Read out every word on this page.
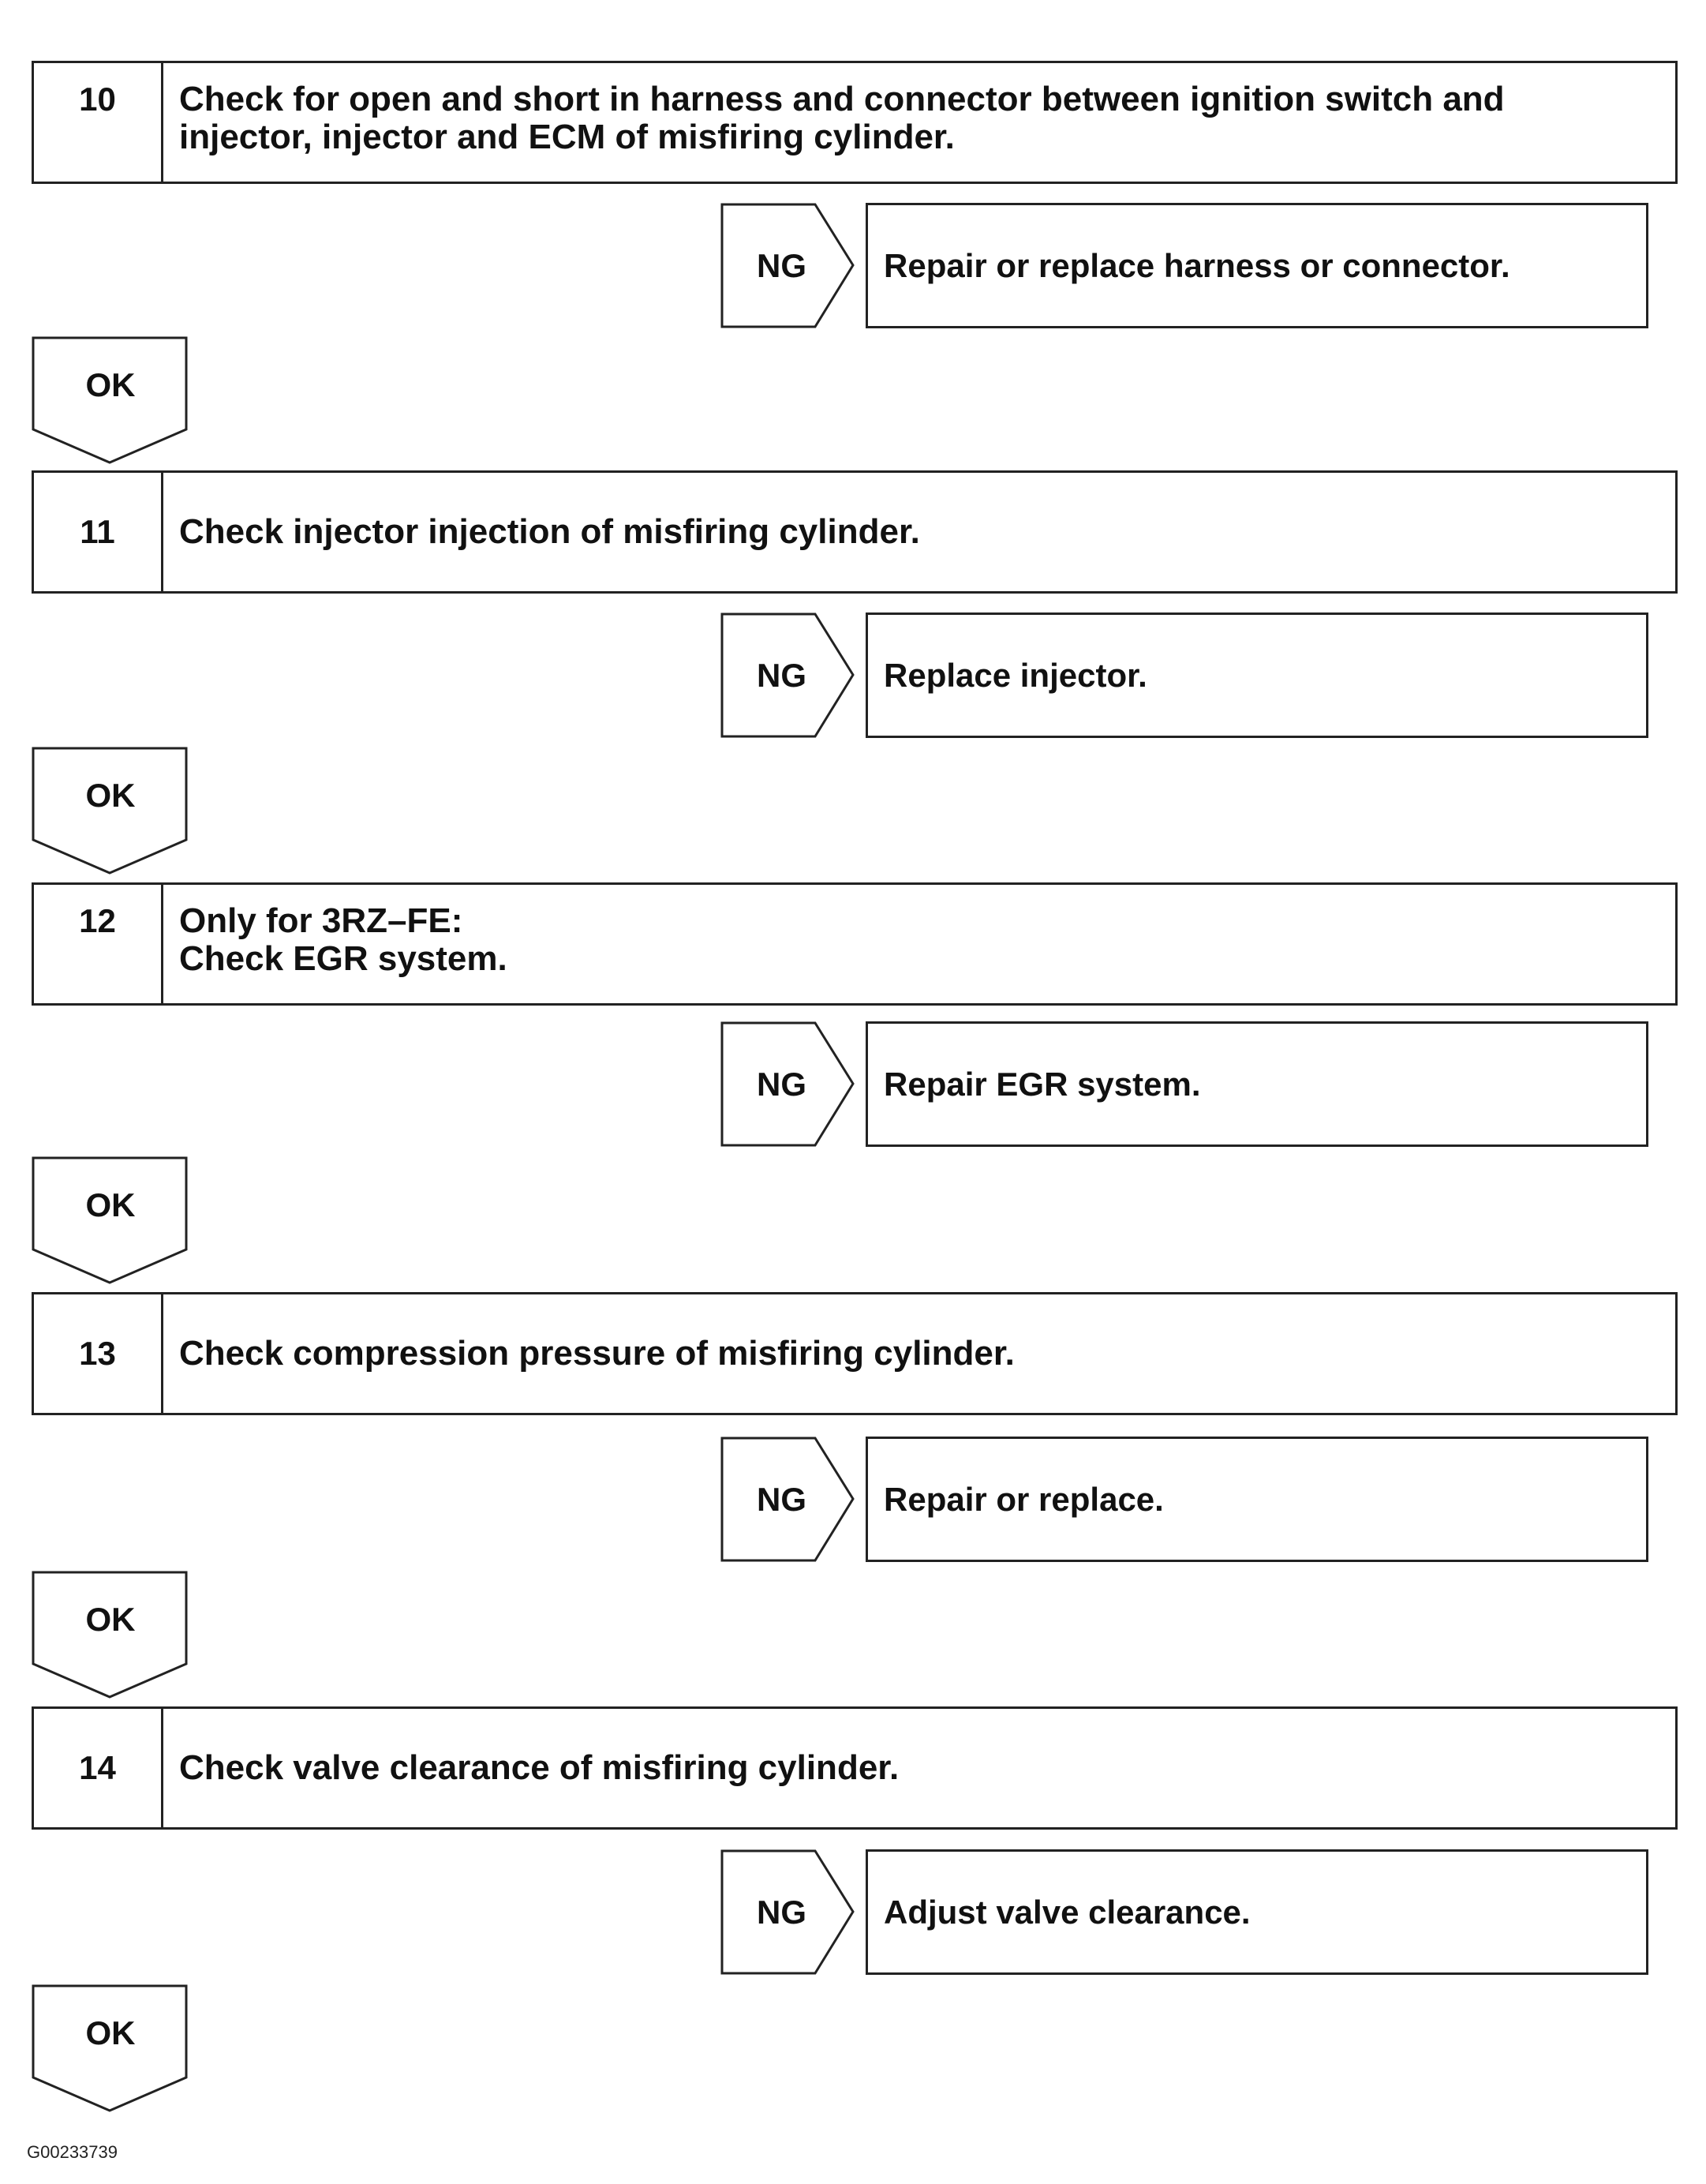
10	Check for open and short in harness and connector between ignition switch and
injector, injector and ECM of misfiring cylinder.
NG	Repair or replace harness or connector.
OK
11	Check injector injection of misfiring cylinder.
NG	Replace injector.
OK
12	Only for 3RZ–FE:
Check EGR system.
NG	Repair EGR system.
OK
13	Check compression pressure of misfiring cylinder.
NG	Repair or replace.
OK
14	Check valve clearance of misfiring cylinder.
NG	Adjust valve clearance.
OK
G00233739
